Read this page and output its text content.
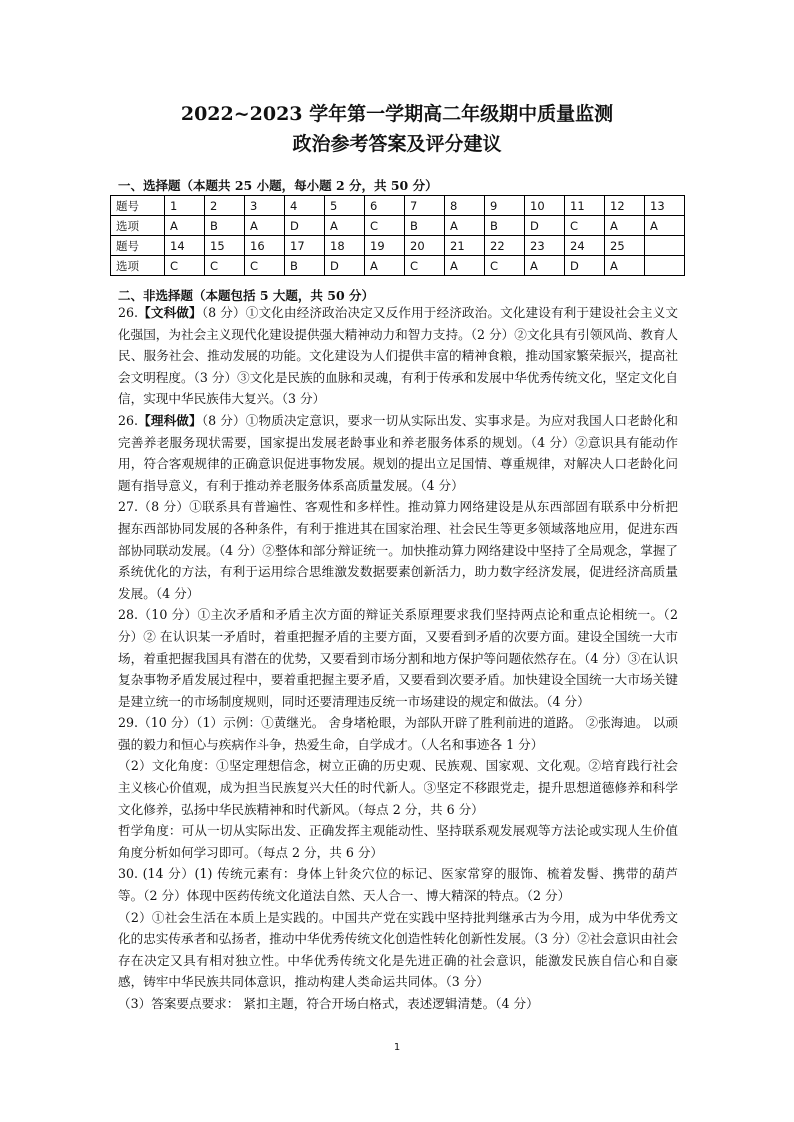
2022~2023 学年第一学期高二年级期中质量监测
政治参考答案及评分建议
一、选择题（本题共 25 小题，每小题 2 分，共 50 分）
题号	1	2	3	4	5	6	7	8	9	10	11	12	13
选项	A	B	A	D	A	C	B	A	B	D	C	A	A
题号	14	15	16	17	18	19	20	21	22	23	24	25	
选项	C	C	C	B	D	A	C	A	C	A	D	A	
二、非选择题（本题包括 5 大题，共 50 分）

26.【文科做】（8 分）①文化由经济政治决定又反作用于经济政治。文化建设有利于建设社会主义文化强国，为社会主义现代化建设提供强大精神动力和智力支持。（2 分）②文化具有引领风尚、教育人民、服务社会、推动发展的功能。文化建设为人们提供丰富的精神食粮，推动国家繁荣振兴，提高社会文明程度。（3 分）③文化是民族的血脉和灵魂，有利于传承和发展中华优秀传统文化，坚定文化自信，实现中华民族伟大复兴。（3 分）

26.【理科做】（8 分）①物质决定意识，要求一切从实际出发、实事求是。为应对我国人口老龄化和完善养老服务现状需要，国家提出发展老龄事业和养老服务体系的规划。（4 分）②意识具有能动作用，符合客观规律的正确意识促进事物发展。规划的提出立足国情、尊重规律，对解决人口老龄化问题有指导意义，有利于推动养老服务体系高质量发展。（4 分）

27.（8 分）①联系具有普遍性、客观性和多样性。推动算力网络建设是从东西部固有联系中分析把握东西部协同发展的各种条件，有利于推进其在国家治理、社会民生等更多领域落地应用，促进东西部协同联动发展。（4 分）②整体和部分辩证统一。加快推动算力网络建设中坚持了全局观念，掌握了系统优化的方法，有利于运用综合思维激发数据要素创新活力，助力数字经济发展，促进经济高质量发展。（4 分）

28.（10 分）①主次矛盾和矛盾主次方面的辩证关系原理要求我们坚持两点论和重点论相统一。（2 分）② 在认识某一矛盾时，着重把握矛盾的主要方面，又要看到矛盾的次要方面。建设全国统一大市场，着重把握我国具有潜在的优势，又要看到市场分割和地方保护等问题依然存在。（4 分）③在认识复杂事物矛盾发展过程中，要着重把握主要矛盾，又要看到次要矛盾。加快建设全国统一大市场关键是建立统一的市场制度规则，同时还要清理违反统一市场建设的规定和做法。（4 分）

29.（10 分）（1）示例：①黄继光。 舍身堵枪眼，为部队开辟了胜利前进的道路。 ②张海迪。 以顽强的毅力和恒心与疾病作斗争，热爱生命，自学成才。（人名和事迹各 1 分）

（2）文化角度：①坚定理想信念，树立正确的历史观、民族观、国家观、文化观。②培育践行社会主义核心价值观，成为担当民族复兴大任的时代新人。③坚定不移跟党走，提升思想道德修养和科学文化修养，弘扬中华民族精神和时代新风。（每点 2 分，共 6 分）

哲学角度：可从一切从实际出发、正确发挥主观能动性、坚持联系观发展观等方法论或实现人生价值角度分析如何学习即可。（每点 2 分，共 6 分）

30. (14 分）(1) 传统元素有：身体上针灸穴位的标记、医家常穿的服饰、梳着发髻、携带的葫芦等。（2 分）体现中医药传统文化道法自然、天人合一、博大精深的特点。（2 分）

（2）①社会生活在本质上是实践的。中国共产党在实践中坚持批判继承古为今用，成为中华优秀文化的忠实传承者和弘扬者，推动中华优秀传统文化创造性转化创新性发展。（3 分）②社会意识由社会存在决定又具有相对独立性。中华优秀传统文化是先进正确的社会意识，能激发民族自信心和自豪感，铸牢中华民族共同体意识，推动构建人类命运共同体。（3 分）

（3）答案要点要求： 紧扣主题，符合开场白格式，表述逻辑清楚。（4 分）

1
